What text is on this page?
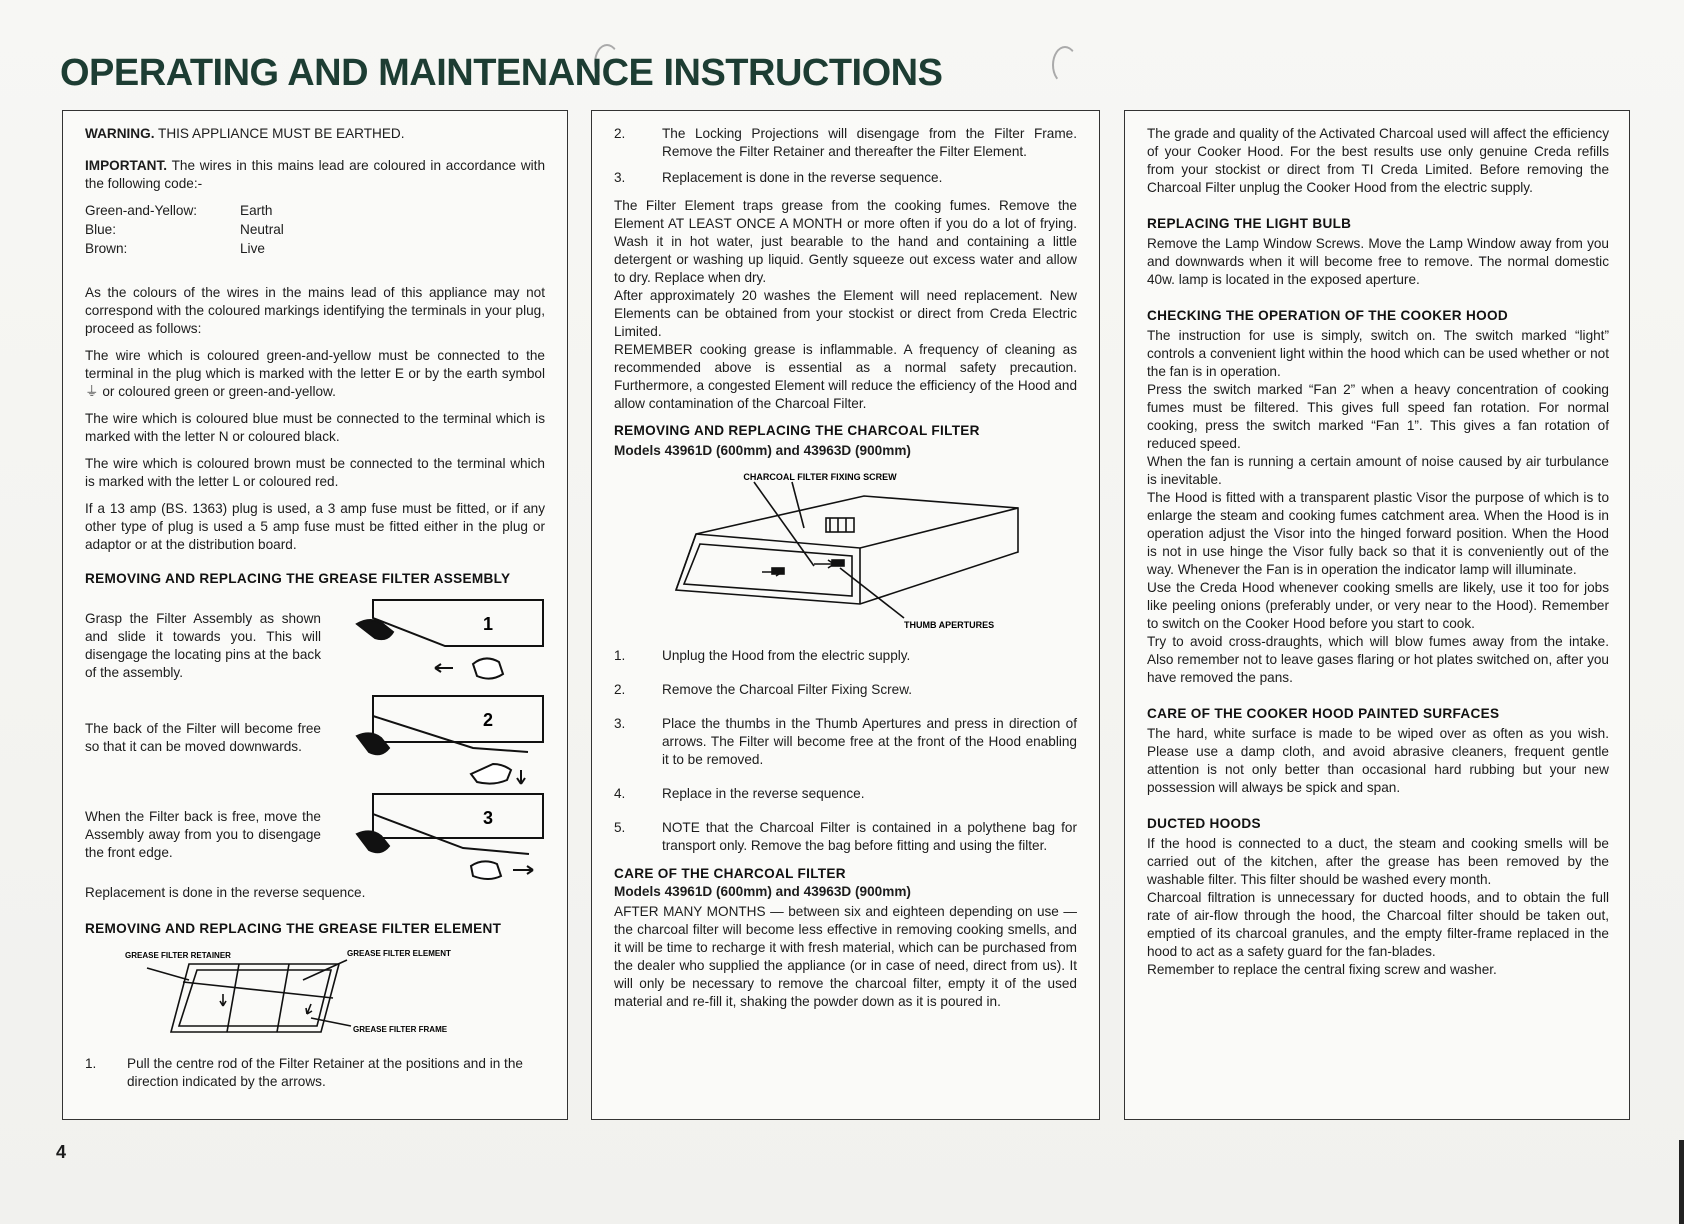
OPERATING AND MAINTENANCE INSTRUCTIONS

WARNING. THIS APPLIANCE MUST BE EARTHED.

IMPORTANT. The wires in this mains lead are coloured in accordance with the following code:-

Green-and-Yellow:	Earth
Blue:	Neutral
Brown:	Live

As the colours of the wires in the mains lead of this appliance may not correspond with the coloured markings identifying the terminals in your plug, proceed as follows:

The wire which is coloured green-and-yellow must be connected to the terminal in the plug which is marked with the letter E or by the earth symbol ⏚ or coloured green or green-and-yellow.

The wire which is coloured blue must be connected to the terminal which is marked with the letter N or coloured black.

The wire which is coloured brown must be connected to the terminal which is marked with the letter L or coloured red.

If a 13 amp (BS. 1363) plug is used, a 3 amp fuse must be fitted, or if any other type of plug is used a 5 amp fuse must be fitted either in the plug or adaptor or at the distribution board.

REMOVING AND REPLACING THE GREASE FILTER ASSEMBLY

Grasp the Filter Assembly as shown and slide it towards you. This will disengage the locating pins at the back of the assembly.

The back of the Filter will become free so that it can be moved downwards.

When the Filter back is free, move the Assembly away from you to disengage the front edge.

1
2
3

Replacement is done in the reverse sequence.

REMOVING AND REPLACING THE GREASE FILTER ELEMENT

GREASE FILTER RETAINER	GREASE FILTER ELEMENT
GREASE FILTER FRAME
1.	Pull the centre rod of the Filter Retainer at the positions and in the direction indicated by the arrows.
2.	The Locking Projections will disengage from the Filter Frame. Remove the Filter Retainer and thereafter the Filter Element.
3.	Replacement is done in the reverse sequence.

The Filter Element traps grease from the cooking fumes. Remove the Element AT LEAST ONCE A MONTH or more often if you do a lot of frying. Wash it in hot water, just bearable to the hand and containing a little detergent or washing up liquid. Gently squeeze out excess water and allow to dry. Replace when dry.

After approximately 20 washes the Element will need replacement. New Elements can be obtained from your stockist or direct from Creda Electric Limited.

REMEMBER cooking grease is inflammable. A frequency of cleaning as recommended above is essential as a normal safety precaution. Furthermore, a congested Element will reduce the efficiency of the Hood and allow contamination of the Charcoal Filter.

REMOVING AND REPLACING THE CHARCOAL FILTER

Models 43961D (600mm) and 43963D (900mm)

CHARCOAL FILTER FIXING SCREW
THUMB APERTURES
1.	Unplug the Hood from the electric supply.
2.	Remove the Charcoal Filter Fixing Screw.
3.	Place the thumbs in the Thumb Apertures and press in direction of arrows. The Filter will become free at the front of the Hood enabling it to be removed.
4.	Replace in the reverse sequence.
5.	NOTE that the Charcoal Filter is contained in a polythene bag for transport only. Remove the bag before fitting and using the filter.

CARE OF THE CHARCOAL FILTER

Models 43961D (600mm) and 43963D (900mm)

AFTER MANY MONTHS — between six and eighteen depending on use — the charcoal filter will become less effective in removing cooking smells, and it will be time to recharge it with fresh material, which can be purchased from the dealer who supplied the appliance (or in case of need, direct from us). It will only be necessary to remove the charcoal filter, empty it of the used material and re-fill it, shaking the powder down as it is poured in.

The grade and quality of the Activated Charcoal used will affect the efficiency of your Cooker Hood. For the best results use only genuine Creda refills from your stockist or direct from TI Creda Limited. Before removing the Charcoal Filter unplug the Cooker Hood from the electric supply.

REPLACING THE LIGHT BULB

Remove the Lamp Window Screws. Move the Lamp Window away from you and downwards when it will become free to remove. The normal domestic 40w. lamp is located in the exposed aperture.

CHECKING THE OPERATION OF THE COOKER HOOD

The instruction for use is simply, switch on. The switch marked “light” controls a convenient light within the hood which can be used whether or not the fan is in operation.

Press the switch marked “Fan 2” when a heavy concentration of cooking fumes must be filtered. This gives full speed fan rotation. For normal cooking, press the switch marked “Fan 1”. This gives a fan rotation of reduced speed.

When the fan is running a certain amount of noise caused by air turbulance is inevitable.

The Hood is fitted with a transparent plastic Visor the purpose of which is to enlarge the steam and cooking fumes catchment area. When the Hood is in operation adjust the Visor into the hinged forward position. When the Hood is not in use hinge the Visor fully back so that it is conveniently out of the way. Whenever the Fan is in operation the indicator lamp will illuminate.

Use the Creda Hood whenever cooking smells are likely, use it too for jobs like peeling onions (preferably under, or very near to the Hood). Remember to switch on the Cooker Hood before you start to cook.

Try to avoid cross-draughts, which will blow fumes away from the intake. Also remember not to leave gases flaring or hot plates switched on, after you have removed the pans.

CARE OF THE COOKER HOOD PAINTED SURFACES

The hard, white surface is made to be wiped over as often as you wish. Please use a damp cloth, and avoid abrasive cleaners, frequent gentle attention is not only better than occasional hard rubbing but your new possession will always be spick and span.

DUCTED HOODS

If the hood is connected to a duct, the steam and cooking smells will be carried out of the kitchen, after the grease has been removed by the washable filter. This filter should be washed every month.

Charcoal filtration is unnecessary for ducted hoods, and to obtain the full rate of air-flow through the hood, the Charcoal filter should be taken out, emptied of its charcoal granules, and the empty filter-frame replaced in the hood to act as a safety guard for the fan-blades.

Remember to replace the central fixing screw and washer.

4
